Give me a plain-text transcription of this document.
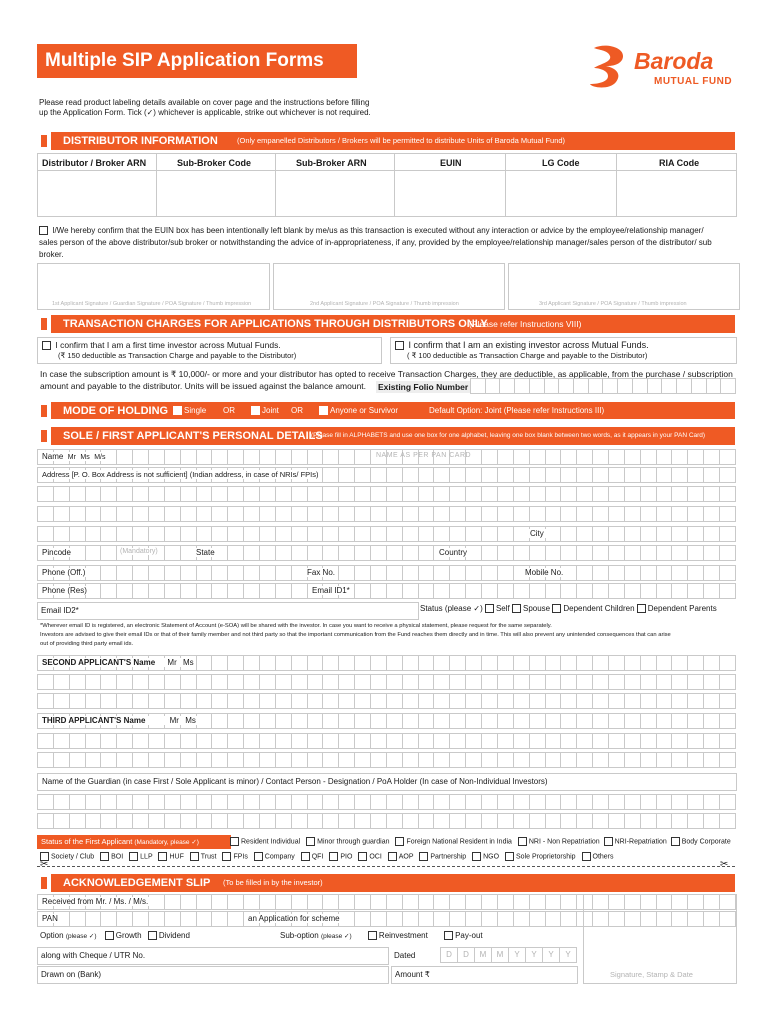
Multiple SIP Application Forms	Baroda
MUTUAL FUND
Please read product labeling details available on cover page and the instructions before filling
up the Application Form. Tick (✓) whichever is applicable, strike out whichever is not required.
DISTRIBUTOR INFORMATION	(Only empanelled Distributors / Brokers will be permitted to distribute Units of Baroda Mutual Fund)
Distributor / Broker ARN	Sub-Broker Code	Sub-Broker ARN	EUIN	LG Code	RIA Code
I/We hereby confirm that the EUIN box has been intentionally left blank by me/us as this transaction is executed without any interaction or advice by the employee/relationship manager/
sales person of the above distributor/sub broker or notwithstanding the advice of in-appropriateness, if any, provided by the employee/relationship manager/sales person of the distributor/ sub
broker.
1st Applicant Signature / Guardian Signature / POA Signature / Thumb impression	2nd Applicant Signature / POA Signature / Thumb impression	3rd Applicant Signature / POA Signature / Thumb impression
TRANSACTION CHARGES FOR APPLICATIONS THROUGH DISTRIBUTORS ONLY
(Please refer Instructions VIII)
I confirm that I am a first time investor across Mutual Funds.
(₹ 150 deductible as Transaction Charge and payable to the Distributor)
I confirm that I am an existing investor across Mutual Funds.
( ₹ 100 deductible as Transaction Charge and payable to the Distributor)
In case the subscription amount is ₹ 10,000/- or more and your distributor has opted to receive Transaction Charges, they are deductible, as applicable, from the purchase / subscription
amount and payable to the distributor. Units will be issued against the balance amount.	Existing Folio Number
MODE OF HOLDING	Single OR	Joint OR	Anyone or Survivor	Default Option: Joint (Please refer Instructions III)
SOLE / FIRST APPLICANT'S PERSONAL DETAILS
(Please fill in ALPHABETS and use one box for one alphabet, leaving one box blank between two words, as it appears in your PAN Card)
Name Mr Ms M/s	NAME AS PER PAN CARD
Address [P. O. Box Address is not sufficient] (Indian address, in case of NRIs/ FPIs)
City
Pincode	(Mandatory)	State	Country
Phone (Off.)	Fax No.	Mobile No.
Phone (Res)	Email ID1*
Email ID2*	Status (please ✓) Self Spouse Dependent Children Dependent Parents
*Wherever email ID is registered, an electronic Statement of Account (e-SOA) will be shared with the investor. In case you want to receive a physical statement, please request for the same separately.
Investors are advised to give their email IDs or that of their family member and not third party so that the important communication from the Fund reaches them directly and in time. This will also prevent any unintended consequences that can arise
out of providing third party email ids.
SECOND APPLICANT'S Name Mr Ms
THIRD APPLICANT'S Name	Mr Ms
Name of the Guardian (in case First / Sole Applicant is minor) / Contact Person - Designation / PoA Holder (In case of Non-Individual Investors)
Status of the First Applicant (Mandatory, please ✓)	Resident Individual Minor through guardian Foreign National Resident in India NRI - Non Repatriation NRI-Repatriation Body Corporate
Society / Club BOI LLP HUF Trust FPIs Company QFI PIO OCI AOP Partnership NGO Sole Proprietorship Others
✂	✂
ACKNOWLEDGEMENT SLIP (To be filled in by the investor)
Received from Mr. / Ms. / M/s.
PAN	an Application for scheme
Option (please ✓) Growth Dividend	Sub-option (please ✓)	Reinvestment	Pay-out
along with Cheque / UTR No.
Drawn on (Bank)
Dated	D	D	M	M	Y	Y	Y	Y
Amount ₹	Signature, Stamp & Date
